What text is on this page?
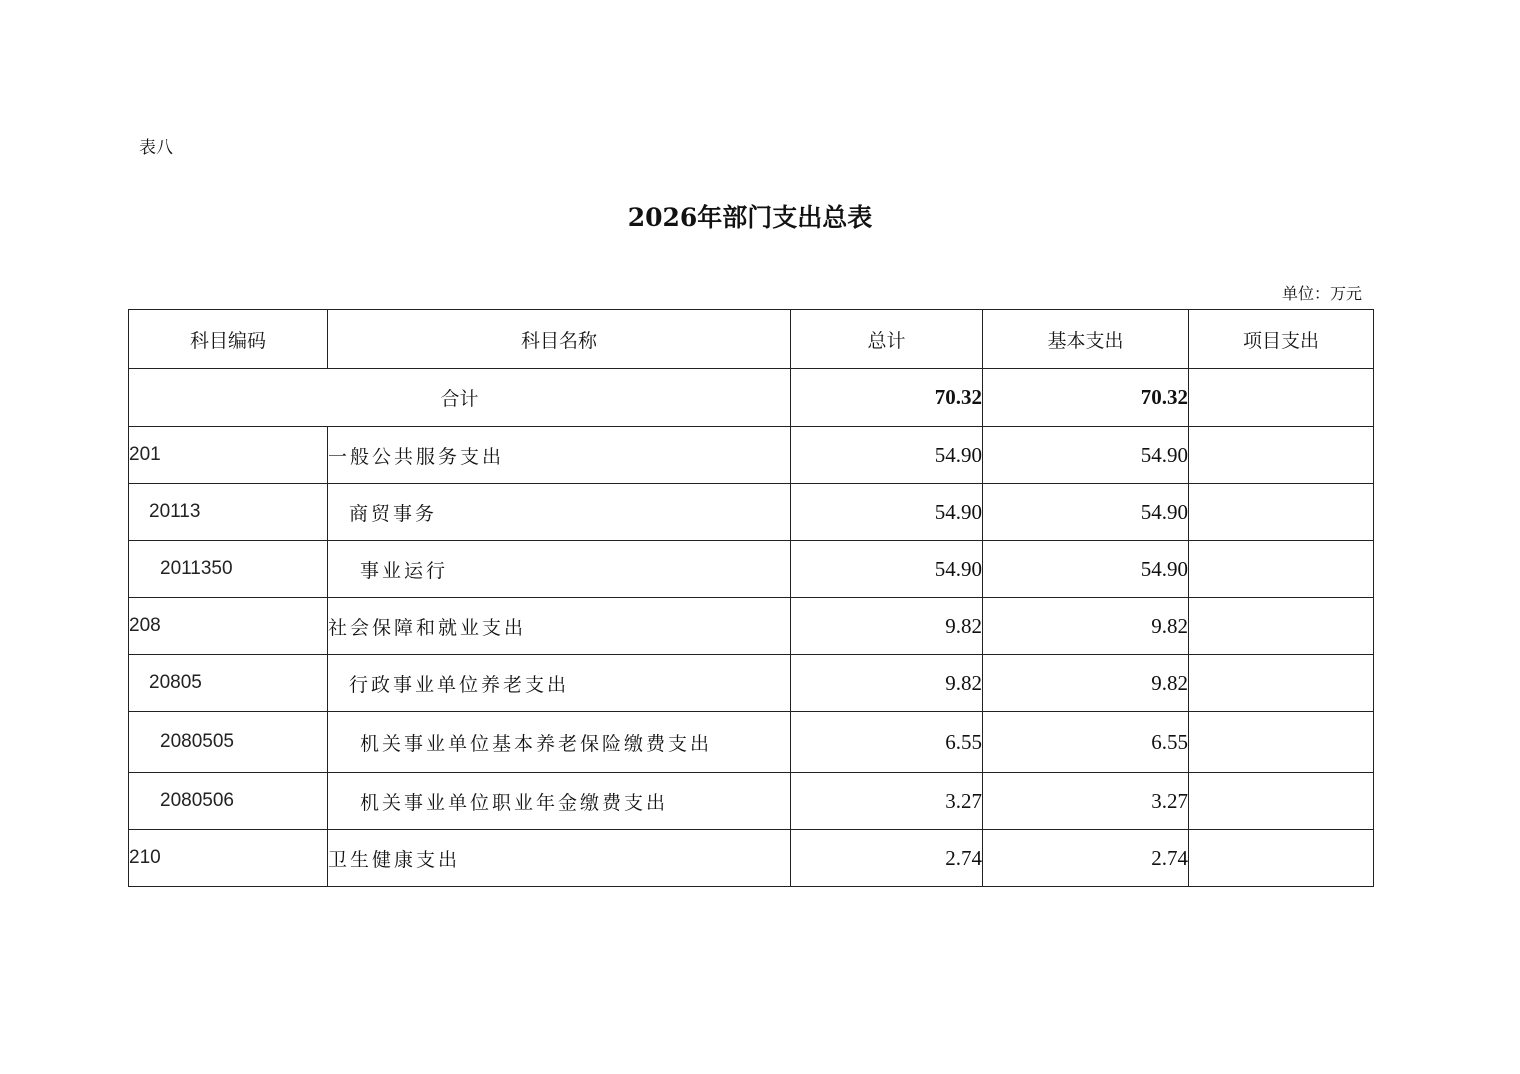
表八
2026年部门支出总表
单位：万元
科目编码	科目名称	总计	基本支出	项目支出
合计		70.32	70.32	
201	一般公共服务支出	54.90	54.90	
20113	商贸事务	54.90	54.90	
2011350	事业运行	54.90	54.90	
208	社会保障和就业支出	9.82	9.82	
20805	行政事业单位养老支出	9.82	9.82	
2080505	机关事业单位基本养老保险缴费支出	6.55	6.55	
2080506	机关事业单位职业年金缴费支出	3.27	3.27	
210	卫生健康支出	2.74	2.74	
